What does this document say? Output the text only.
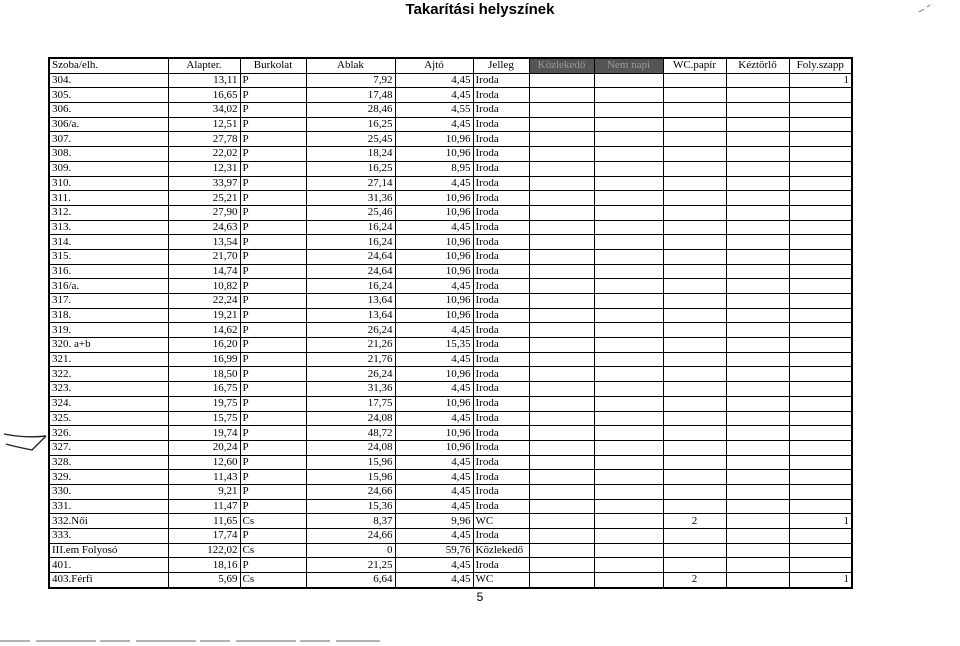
Takarítási helyszínek
Szoba/elh.	Alapter.	Burkolat	Ablak	Ajtó	Jelleg	Közlekedő	Nem napi	WC.papír	Kéztörlő	Foly.szapp
304.	13,11	P	7,92	4,45	Iroda					1
305.	16,65	P	17,48	4,45	Iroda					
306.	34,02	P	28,46	4,55	Iroda					
306/a.	12,51	P	16,25	4,45	Iroda					
307.	27,78	P	25,45	10,96	Iroda					
308.	22,02	P	18,24	10,96	Iroda					
309.	12,31	P	16,25	8,95	Iroda					
310.	33,97	P	27,14	4,45	Iroda					
311.	25,21	P	31,36	10,96	Iroda					
312.	27,90	P	25,46	10,96	Iroda					
313.	24,63	P	16,24	4,45	Iroda					
314.	13,54	P	16,24	10,96	Iroda					
315.	21,70	P	24,64	10,96	Iroda					
316.	14,74	P	24,64	10,96	Iroda					
316/a.	10,82	P	16,24	4,45	Iroda					
317.	22,24	P	13,64	10,96	Iroda					
318.	19,21	P	13,64	10,96	Iroda					
319.	14,62	P	26,24	4,45	Iroda					
320. a+b	16,20	P	21,26	15,35	Iroda					
321.	16,99	P	21,76	4,45	Iroda					
322.	18,50	P	26,24	10,96	Iroda					
323.	16,75	P	31,36	4,45	Iroda					
324.	19,75	P	17,75	10,96	Iroda					
325.	15,75	P	24,08	4,45	Iroda					
326.	19,74	P	48,72	10,96	Iroda					
327.	20,24	P	24,08	10,96	Iroda					
328.	12,60	P	15,96	4,45	Iroda					
329.	11,43	P	15,96	4,45	Iroda					
330.	9,21	P	24,66	4,45	Iroda					
331.	11,47	P	15,36	4,45	Iroda					
332.Női	11,65	Cs	8,37	9,96	WC			2		1
333.	17,74	P	24,66	4,45	Iroda					
III.em Folyosó	122,02	Cs	0	59,76	Közlekedő					
401.	18,16	P	21,25	4,45	Iroda					
403.Férfi	5,69	Cs	6,64	4,45	WC			2		1
5
